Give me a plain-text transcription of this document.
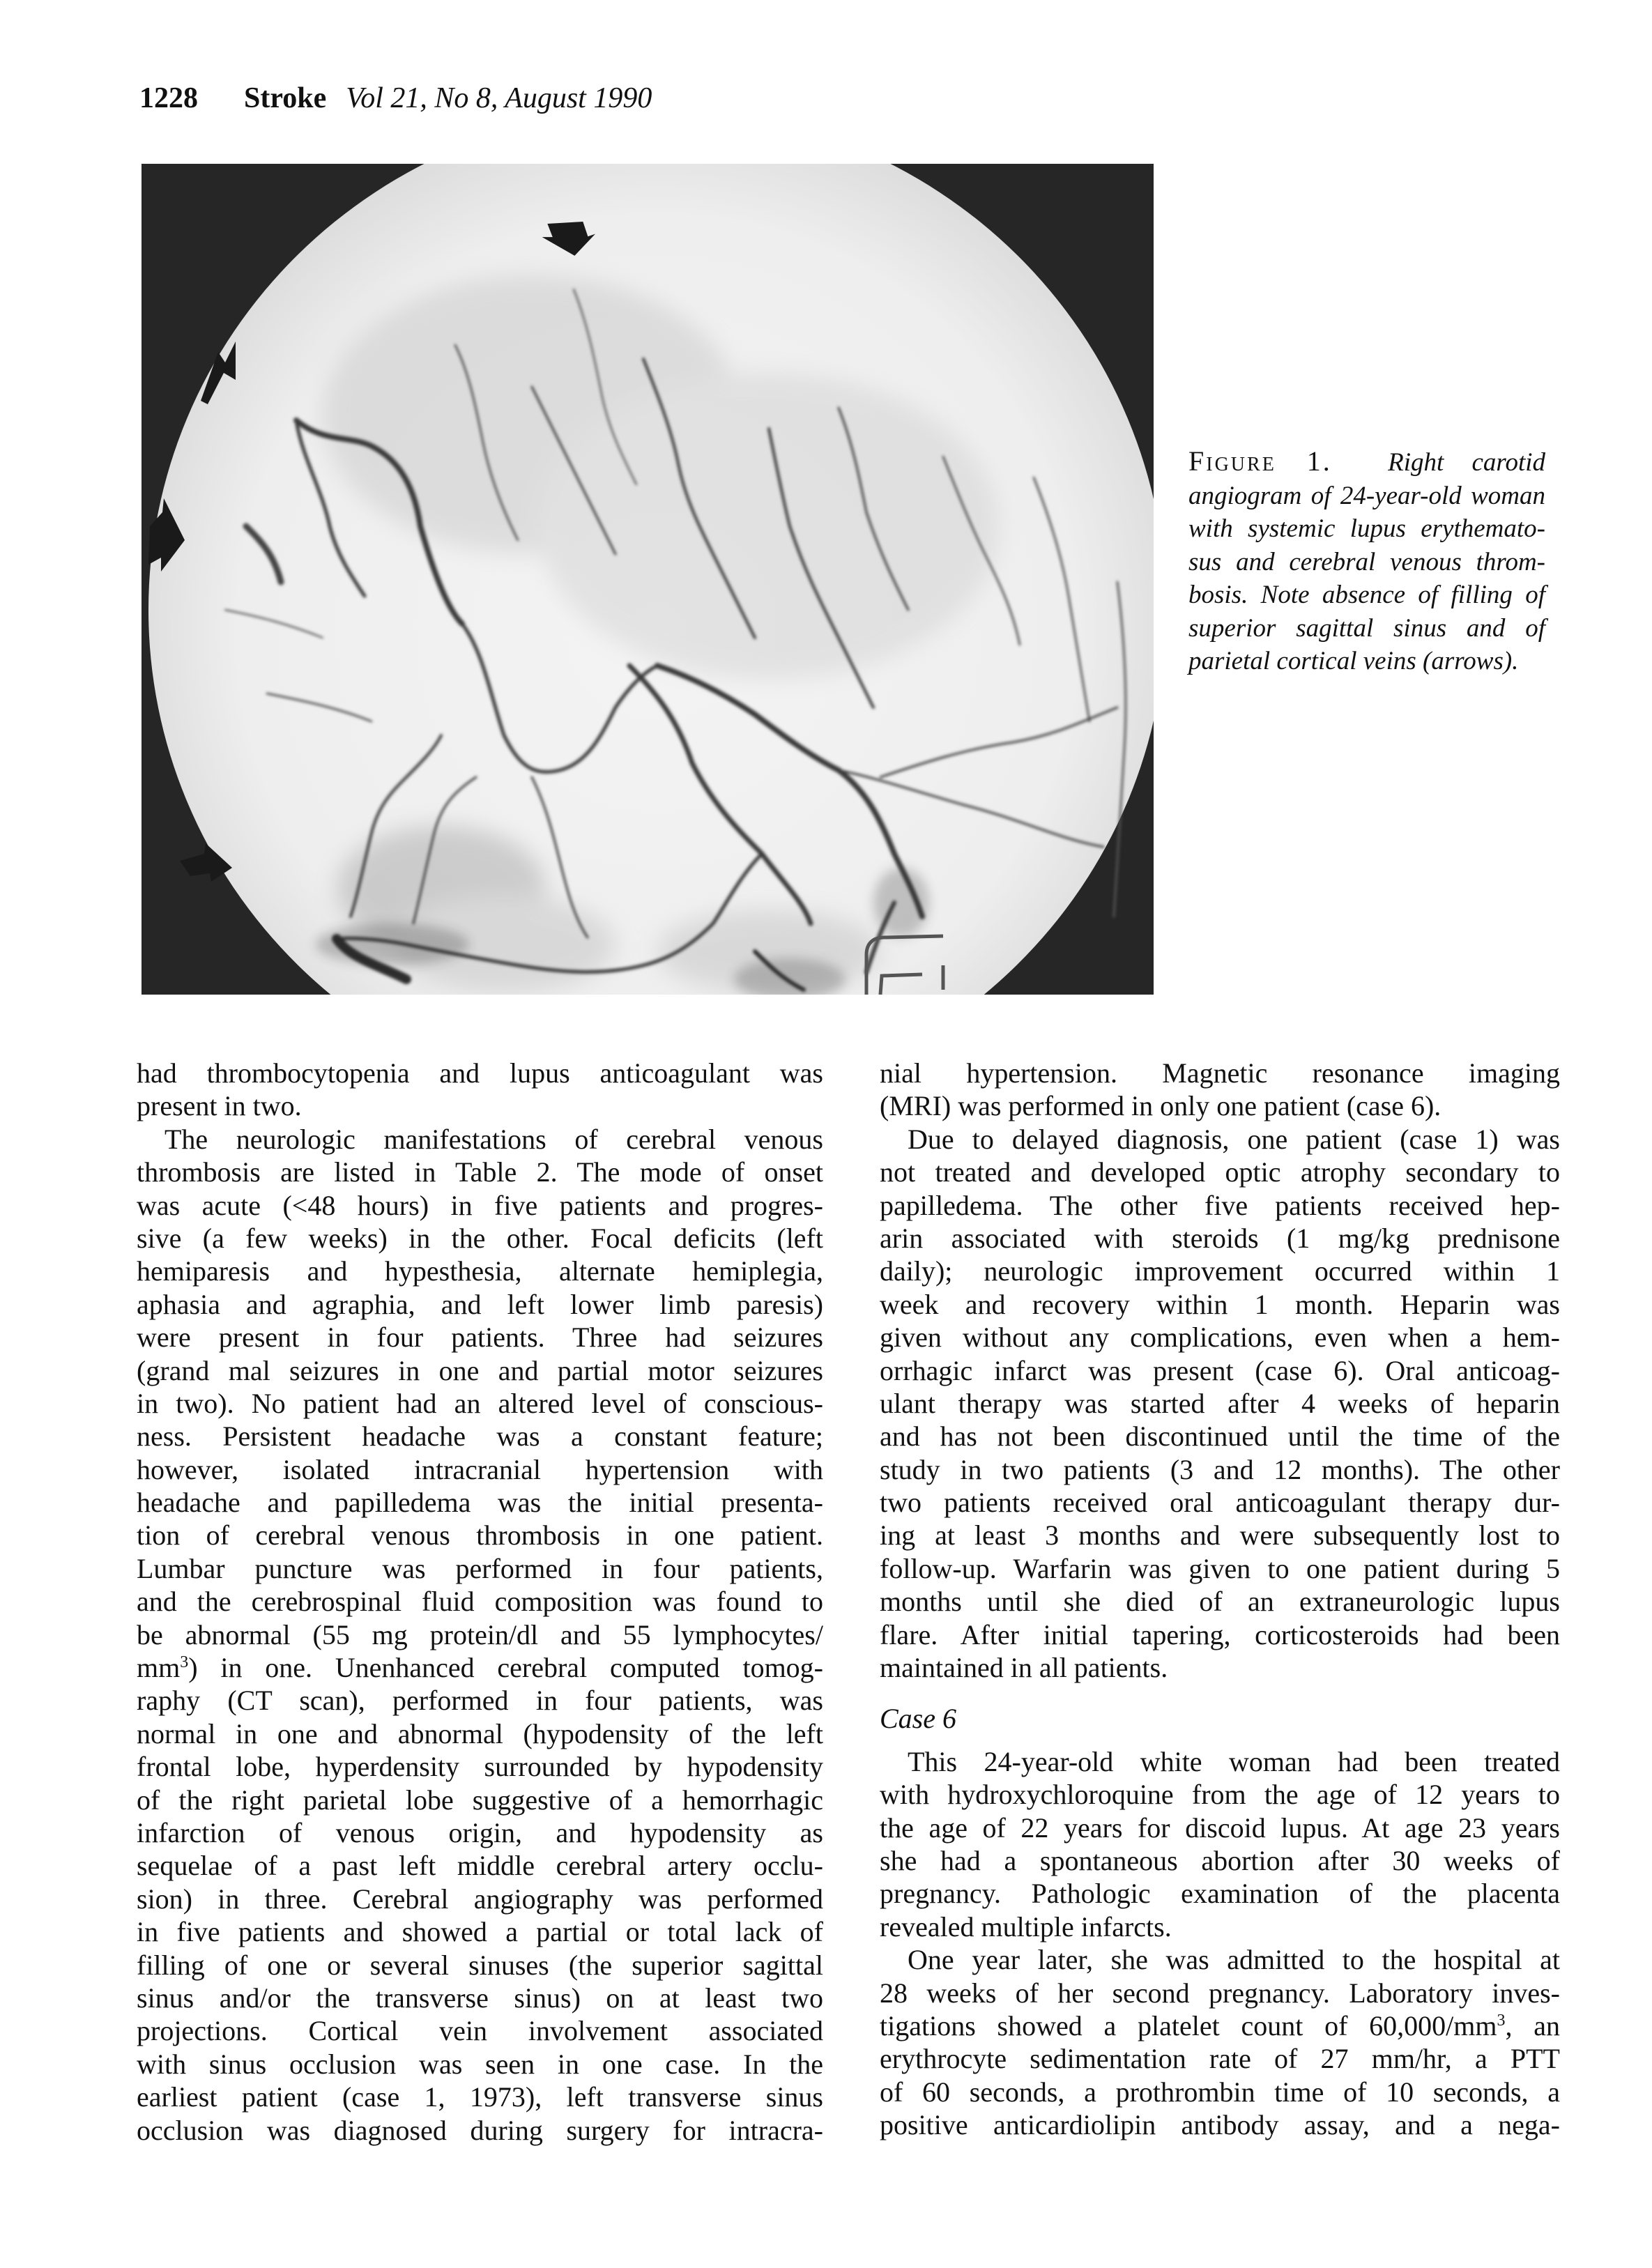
1228 Stroke Vol 21, No 8, August 1990
Figure 1. Right carotid
angiogram of 24-year-old woman
with systemic lupus erythemato-
sus and cerebral venous throm-
bosis. Note absence of filling of
superior sagittal sinus and of
parietal cortical veins (arrows).
had thrombocytopenia and lupus anticoagulant was
present in two.
The neurologic manifestations of cerebral venous
thrombosis are listed in Table 2. The mode of onset
was acute (<48 hours) in five patients and progres-
sive (a few weeks) in the other. Focal deficits (left
hemiparesis and hypesthesia, alternate hemiplegia,
aphasia and agraphia, and left lower limb paresis)
were present in four patients. Three had seizures
(grand mal seizures in one and partial motor seizures
in two). No patient had an altered level of conscious-
ness. Persistent headache was a constant feature;
however, isolated intracranial hypertension with
headache and papilledema was the initial presenta-
tion of cerebral venous thrombosis in one patient.
Lumbar puncture was performed in four patients,
and the cerebrospinal fluid composition was found to
be abnormal (55 mg protein/dl and 55 lymphocytes/
$mm^3$) in one. Unenhanced cerebral computed tomog-
raphy (CT scan), performed in four patients, was
normal in one and abnormal (hypodensity of the left
frontal lobe, hyperdensity surrounded by hypodensity
of the right parietal lobe suggestive of a hemorrhagic
infarction of venous origin, and hypodensity as
sequelae of a past left middle cerebral artery occlu-
sion) in three. Cerebral angiography was performed
in five patients and showed a partial or total lack of
filling of one or several sinuses (the superior sagittal
sinus and/or the transverse sinus) on at least two
projections. Cortical vein involvement associated
with sinus occlusion was seen in one case. In the
earliest patient (case 1, 1973), left transverse sinus
occlusion was diagnosed during surgery for intracra-
nial hypertension. Magnetic resonance imaging
(MRI) was performed in only one patient (case 6).
Due to delayed diagnosis, one patient (case 1) was
not treated and developed optic atrophy secondary to
papilledema. The other five patients received hep-
arin associated with steroids (1 mg/kg prednisone
daily); neurologic improvement occurred within 1
week and recovery within 1 month. Heparin was
given without any complications, even when a hem-
orrhagic infarct was present (case 6). Oral anticoag-
ulant therapy was started after 4 weeks of heparin
and has not been discontinued until the time of the
study in two patients (3 and 12 months). The other
two patients received oral anticoagulant therapy dur-
ing at least 3 months and were subsequently lost to
follow-up. Warfarin was given to one patient during 5
months until she died of an extraneurologic lupus
flare. After initial tapering, corticosteroids had been
maintained in all patients.
Case 6
This 24-year-old white woman had been treated
with hydroxychloroquine from the age of 12 years to
the age of 22 years for discoid lupus. At age 23 years
she had a spontaneous abortion after 30 weeks of
pregnancy. Pathologic examination of the placenta
revealed multiple infarcts.
One year later, she was admitted to the hospital at
28 weeks of her second pregnancy. Laboratory inves-
tigations showed a platelet count of $60,000/mm^3$, an
erythrocyte sedimentation rate of 27 mm/hr, a PTT
of 60 seconds, a prothrombin time of 10 seconds, a
positive anticardiolipin antibody assay, and a nega-
